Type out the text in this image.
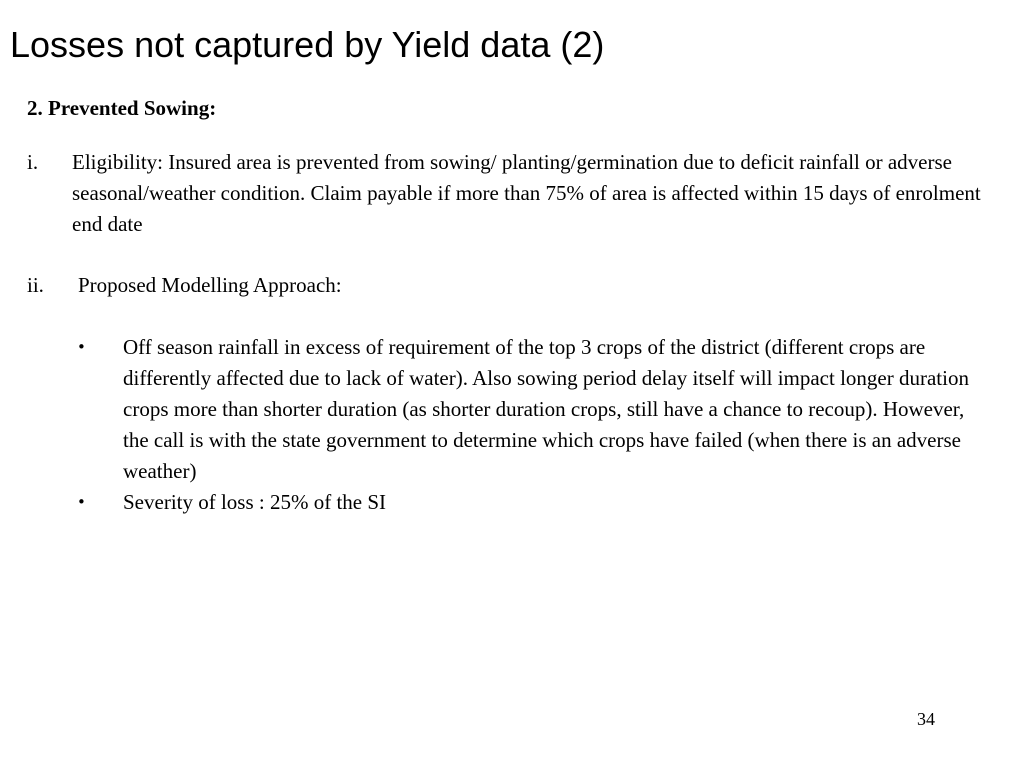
Losses not captured by Yield data (2)
2. Prevented Sowing:
i. Eligibility: Insured area is prevented from sowing/ planting/germination due to deficit rainfall or adverse seasonal/weather condition. Claim payable if more than 75% of area is affected within 15 days of enrolment end date
ii. Proposed Modelling Approach:
• Off season rainfall in excess of requirement of the top 3 crops of the district (different crops are differently affected due to lack of water). Also sowing period delay itself will impact longer duration crops more than shorter duration (as shorter duration crops, still have a chance to recoup). However, the call is with the state government to determine which crops have failed (when there is an adverse weather)
• Severity of loss : 25% of the SI
34
